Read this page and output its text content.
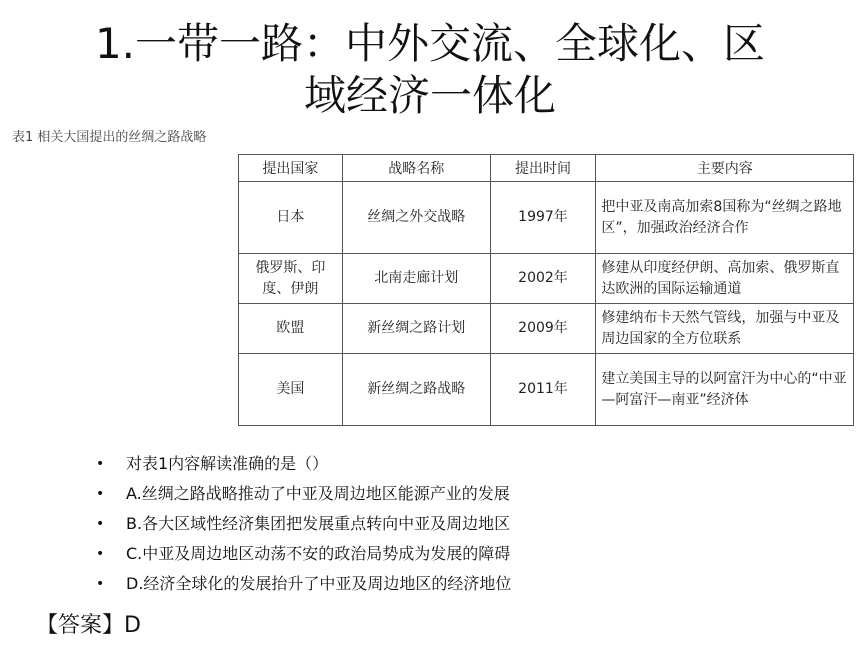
1.一带一路：中外交流、全球化、区
域经济一体化
表1 相关大国提出的丝绸之路战略
提出国家	战略名称	提出时间	主要内容
日本	丝绸之外交战略	1997年	把中亚及南高加索8国称为“丝绸之路地区”，加强政治经济合作
俄罗斯、印度、伊朗	北南走廊计划	2002年	修建从印度经伊朗、高加索、俄罗斯直达欧洲的国际运输通道
欧盟	新丝绸之路计划	2009年	修建纳布卡天然气管线，加强与中亚及周边国家的全方位联系
美国	新丝绸之路战略	2011年	建立美国主导的以阿富汗为中心的“中亚—阿富汗—南亚”经济体
• 对表1内容解读准确的是（）
• A.丝绸之路战略推动了中亚及周边地区能源产业的发展
• B.各大区域性经济集团把发展重点转向中亚及周边地区
• C.中亚及周边地区动荡不安的政治局势成为发展的障碍
• D.经济全球化的发展抬升了中亚及周边地区的经济地位
【答案】D
